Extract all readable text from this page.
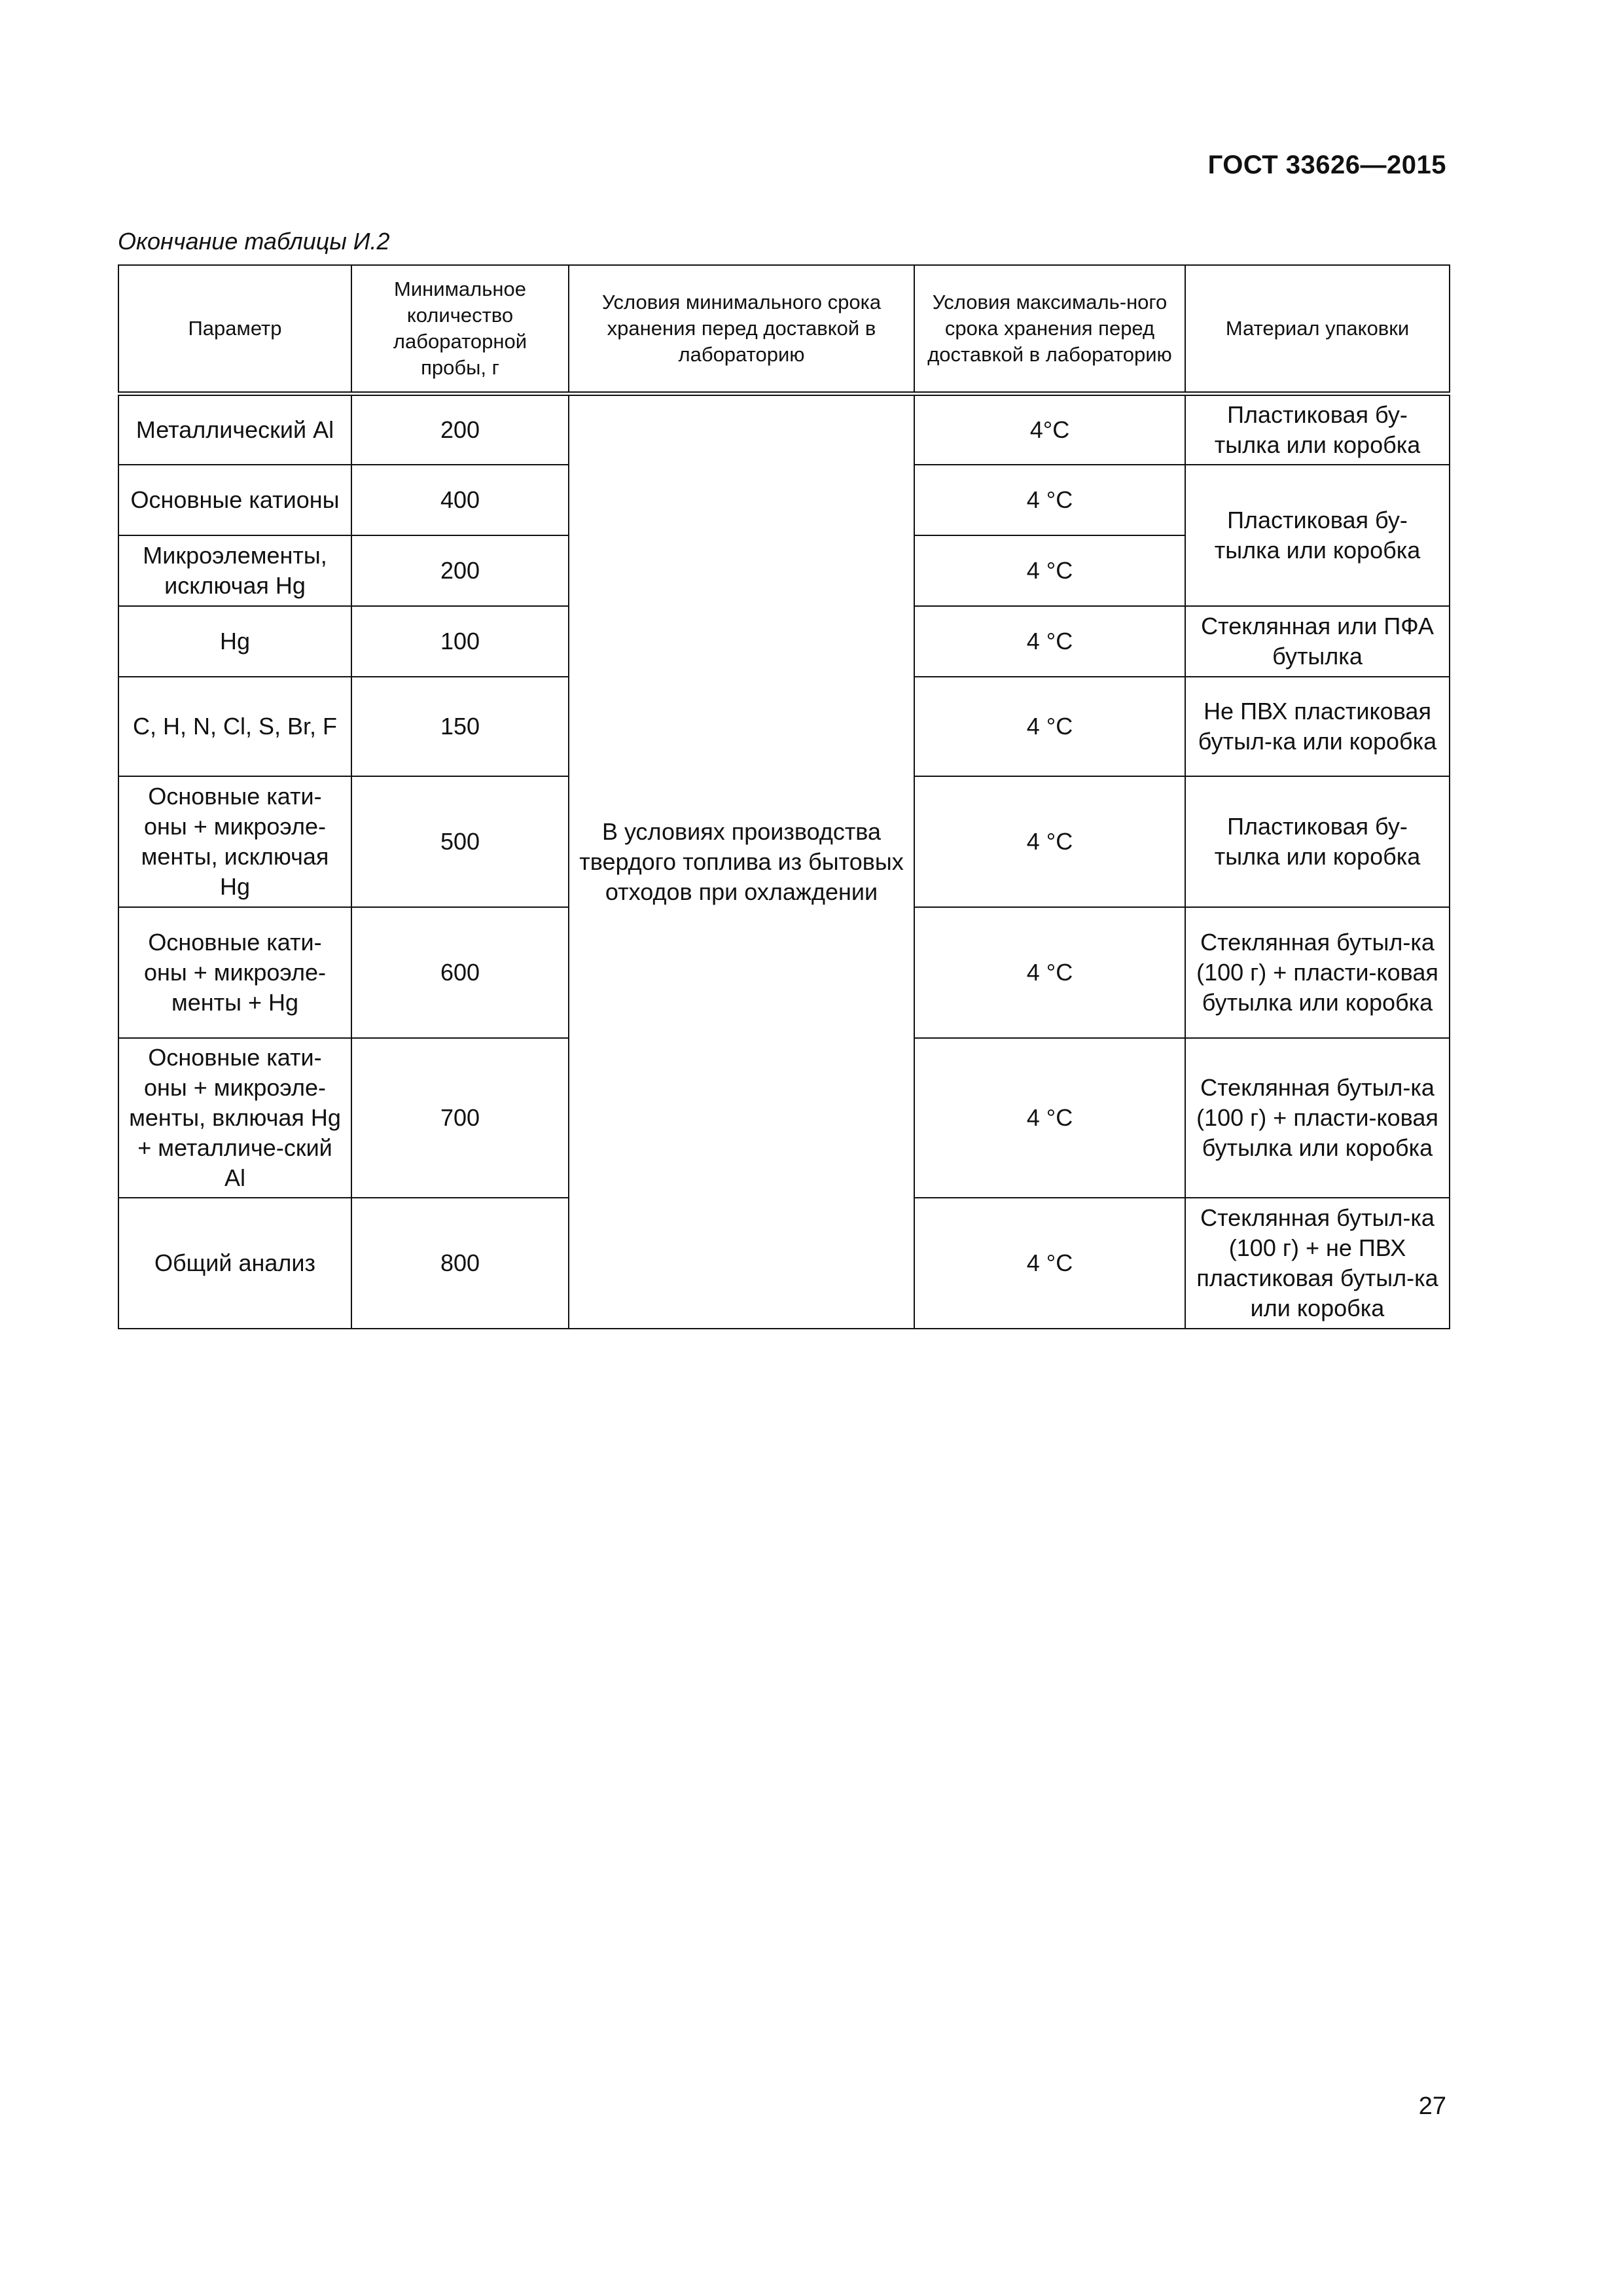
ГОСТ 33626—2015
Окончание таблицы И.2
Параметр	Минимальное количество лабораторной пробы, г	Условия минимального срока хранения перед доставкой в лабораторию	Условия максималь-ного срока хранения перед доставкой в лабораторию	Материал упаковки
Металлический Al	200	В условиях производства твердого топлива из бытовых отходов при охлаждении	4°C	Пластиковая бу-тылка или коробка
Основные катионы	400		4 °C	Пластиковая бу-тылка или коробка
Микроэлементы, исключая Hg	200		4 °C	
Hg	100		4 °C	Стеклянная или ПФА бутылка
C, H, N, Cl, S, Br, F	150		4 °C	Не ПВХ пластиковая бутыл-ка или коробка
Основные кати-оны + микроэле-менты, исключая Hg	500		4 °C	Пластиковая бу-тылка или коробка
Основные кати-оны + микроэле-менты + Hg	600		4 °C	Стеклянная бутыл-ка (100 г) + пласти-ковая бутылка или коробка
Основные кати-оны + микроэле-менты, включая Hg + металличе-ский Al	700		4 °C	Стеклянная бутыл-ка (100 г) + пласти-ковая бутылка или коробка
Общий анализ	800		4 °C	Стеклянная бутыл-ка (100 г) + не ПВХ пластиковая бутыл-ка или коробка
27
